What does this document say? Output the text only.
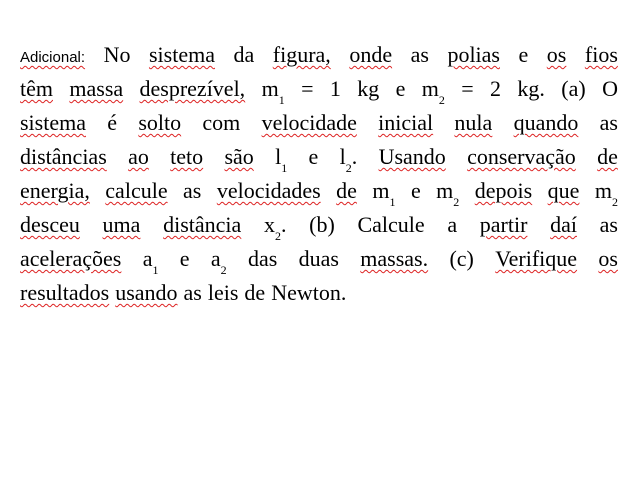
Adicional: No sistema da figura, onde as polias e os fios
têm massa desprezível, $m_1 = 1$ kg e $m_2 = 2$ kg. (a) O
sistema é solto com velocidade inicial nula quando as
distâncias ao teto são $l_1$ e $l_2$. Usando conservação de
energia, calcule as velocidades de $m_1$ e $m_2$ depois que $m_2$
desceu uma distância $x_2$. (b) Calcule a partir daí as
acelerações $a_1$ e $a_2$ das duas massas. (c) Verifique os
resultados usando as leis de Newton.
